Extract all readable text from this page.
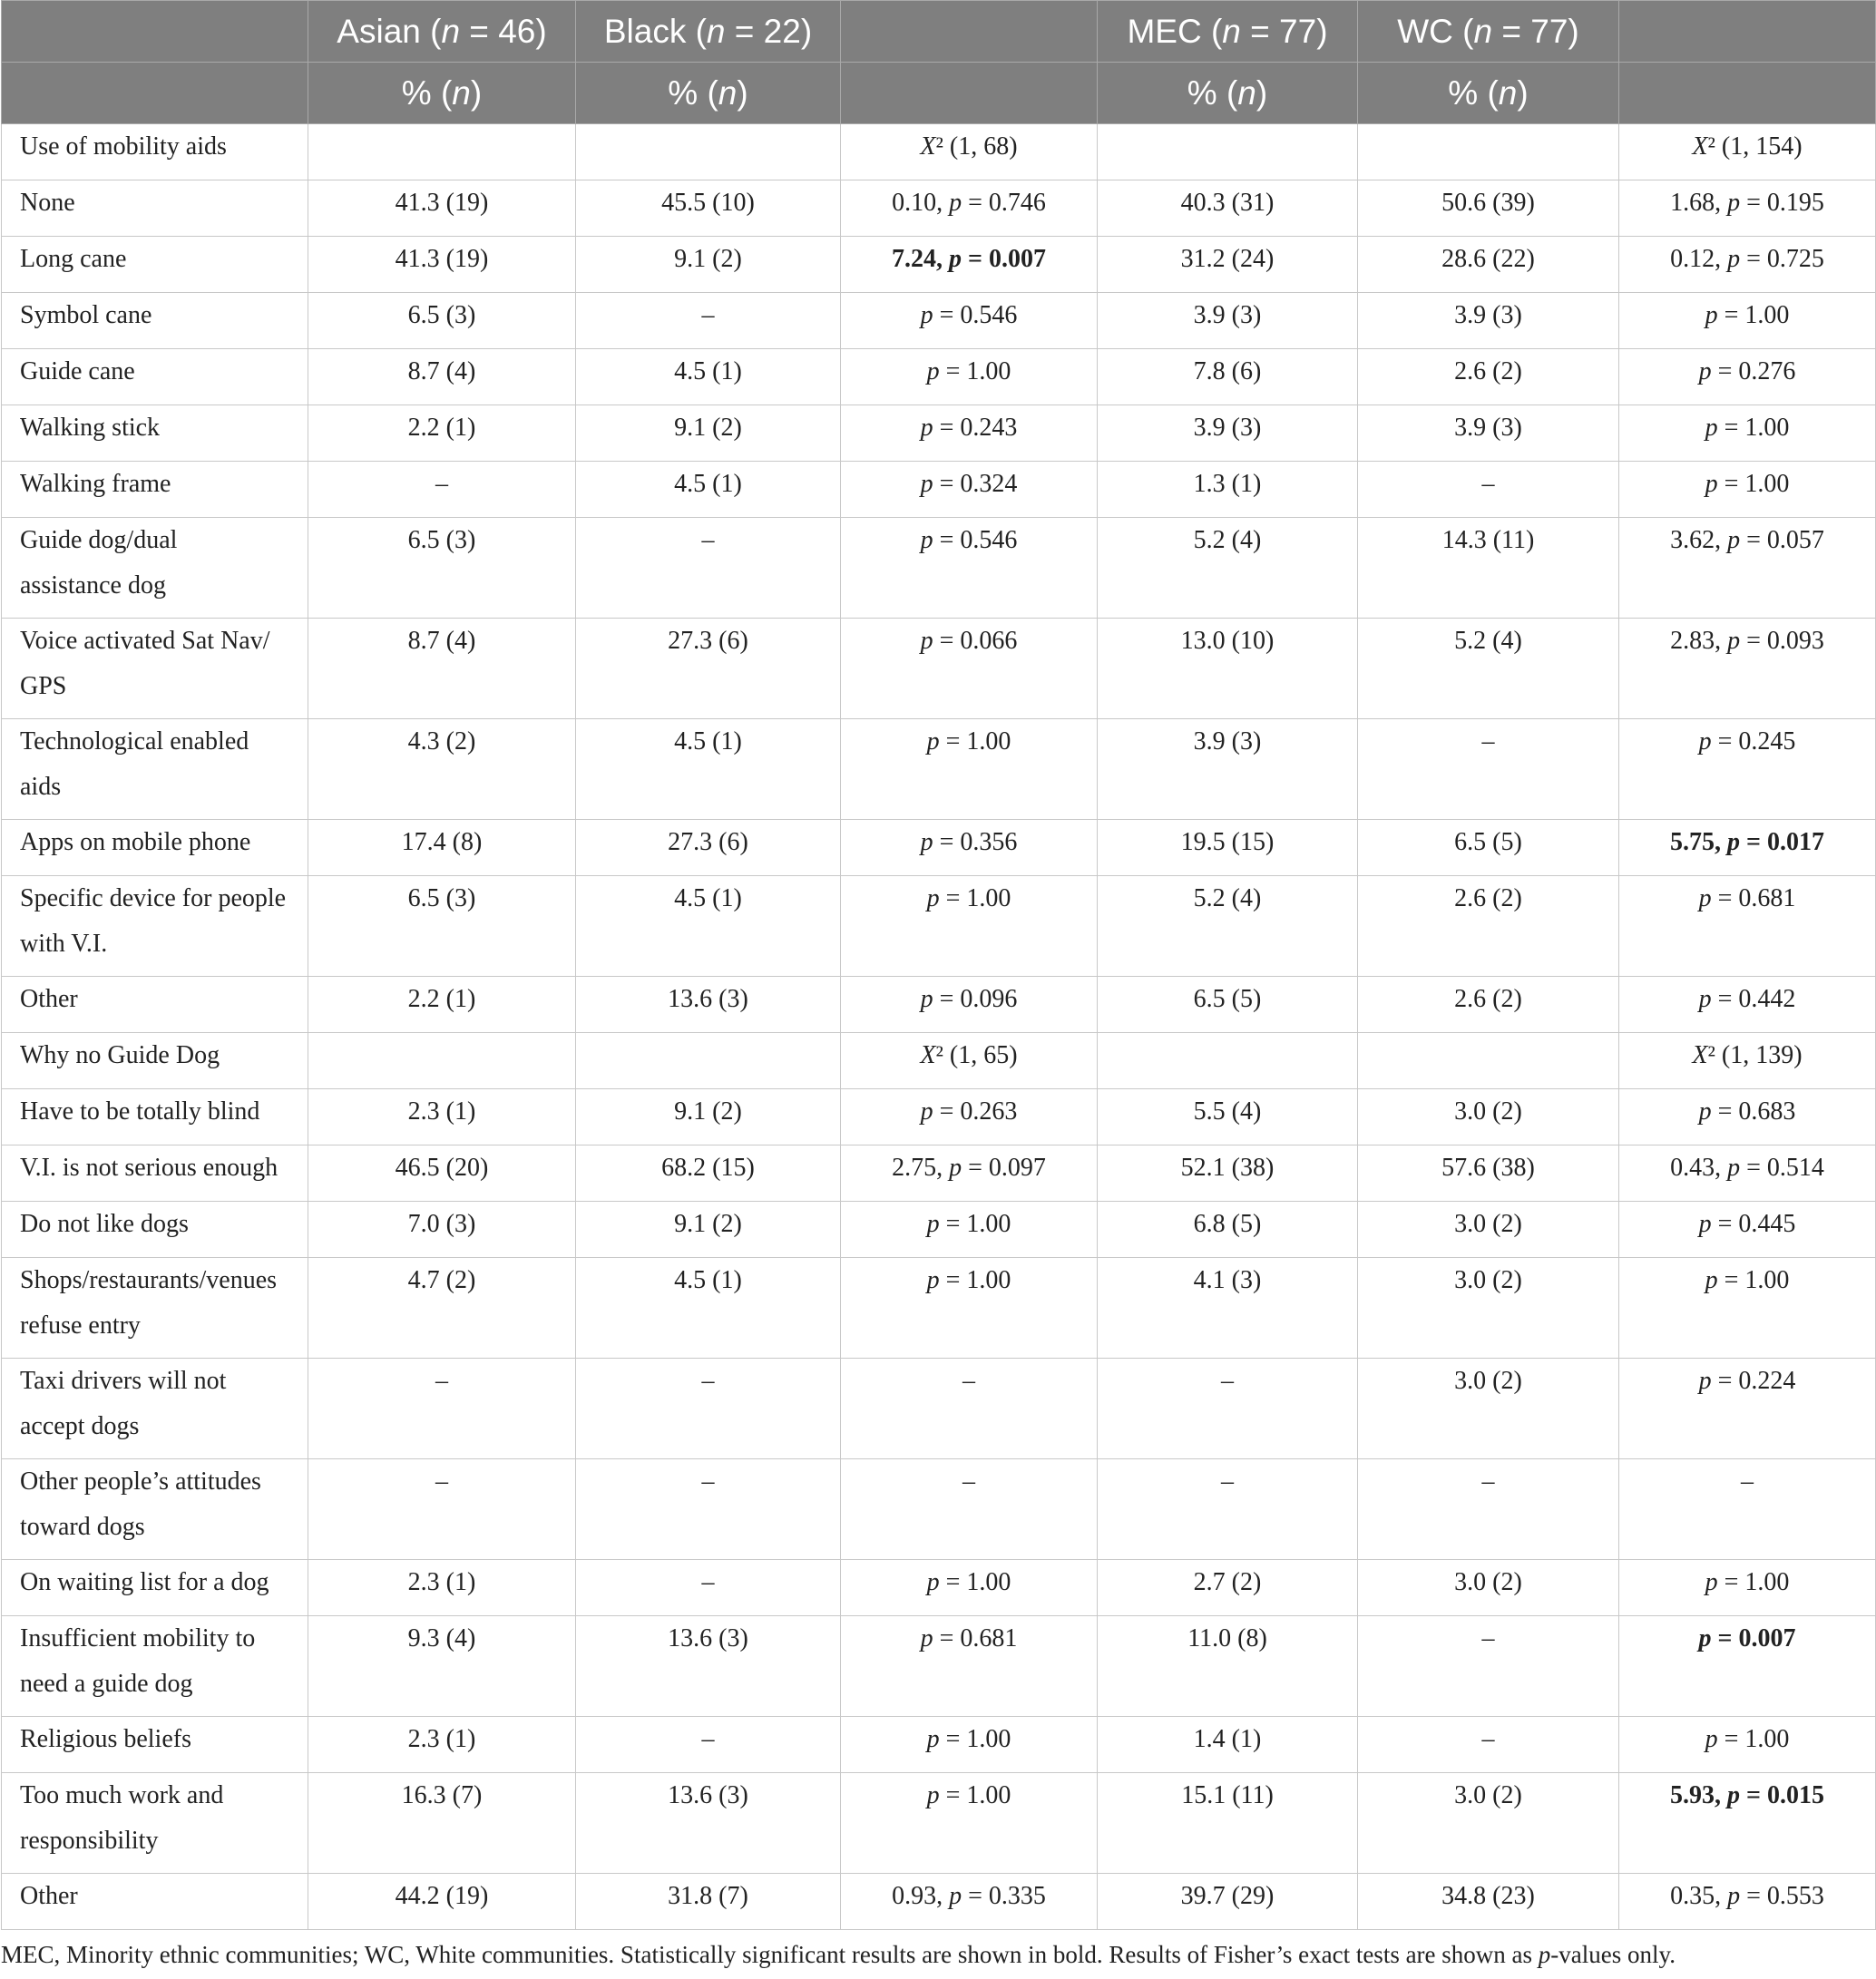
	Asian (n = 46)	Black (n = 22)		MEC (n = 77)	WC (n = 77)	
	% (n)	% (n)		% (n)	% (n)	
Use of mobility aids			X² (1, 68)			X² (1, 154)
None	41.3 (19)	45.5 (10)	0.10, p = 0.746	40.3 (31)	50.6 (39)	1.68, p = 0.195
Long cane	41.3 (19)	9.1 (2)	7.24, p = 0.007	31.2 (24)	28.6 (22)	0.12, p = 0.725
Symbol cane	6.5 (3)	–	p = 0.546	3.9 (3)	3.9 (3)	p = 1.00
Guide cane	8.7 (4)	4.5 (1)	p = 1.00	7.8 (6)	2.6 (2)	p = 0.276
Walking stick	2.2 (1)	9.1 (2)	p = 0.243	3.9 (3)	3.9 (3)	p = 1.00
Walking frame	–	4.5 (1)	p = 0.324	1.3 (1)	–	p = 1.00

Guide dog/dual
assistance dog	6.5 (3)	–	p = 0.546	5.2 (4)	14.3 (11)	3.62, p = 0.057

Voice activated Sat Nav/
GPS	8.7 (4)	27.3 (6)	p = 0.066	13.0 (10)	5.2 (4)	2.83, p = 0.093

Technological enabled
aids	4.3 (2)	4.5 (1)	p = 1.00	3.9 (3)	–	p = 0.245
Apps on mobile phone	17.4 (8)	27.3 (6)	p = 0.356	19.5 (15)	6.5 (5)	5.75, p = 0.017

Specific device for people
with V.I.	6.5 (3)	4.5 (1)	p = 1.00	5.2 (4)	2.6 (2)	p = 0.681
Other	2.2 (1)	13.6 (3)	p = 0.096	6.5 (5)	2.6 (2)	p = 0.442
Why no Guide Dog			X² (1, 65)			X² (1, 139)
Have to be totally blind	2.3 (1)	9.1 (2)	p = 0.263	5.5 (4)	3.0 (2)	p = 0.683
V.I. is not serious enough	46.5 (20)	68.2 (15)	2.75, p = 0.097	52.1 (38)	57.6 (38)	0.43, p = 0.514
Do not like dogs	7.0 (3)	9.1 (2)	p = 1.00	6.8 (5)	3.0 (2)	p = 0.445

Shops/restaurants/venues
refuse entry	4.7 (2)	4.5 (1)	p = 1.00	4.1 (3)	3.0 (2)	p = 1.00

Taxi drivers will not
accept dogs	–	–	–	–	3.0 (2)	p = 0.224

Other people’s attitudes
toward dogs	–	–	–	–	–	–
On waiting list for a dog	2.3 (1)	–	p = 1.00	2.7 (2)	3.0 (2)	p = 1.00

Insufficient mobility to
need a guide dog	9.3 (4)	13.6 (3)	p = 0.681	11.0 (8)	–	p = 0.007
Religious beliefs	2.3 (1)	–	p = 1.00	1.4 (1)	–	p = 1.00

Too much work and
responsibility	16.3 (7)	13.6 (3)	p = 1.00	15.1 (11)	3.0 (2)	5.93, p = 0.015
Other	44.2 (19)	31.8 (7)	0.93, p = 0.335	39.7 (29)	34.8 (23)	0.35, p = 0.553
MEC, Minority ethnic communities; WC, White communities. Statistically significant results are shown in bold. Results of Fisher’s exact tests are shown as p-values only.
